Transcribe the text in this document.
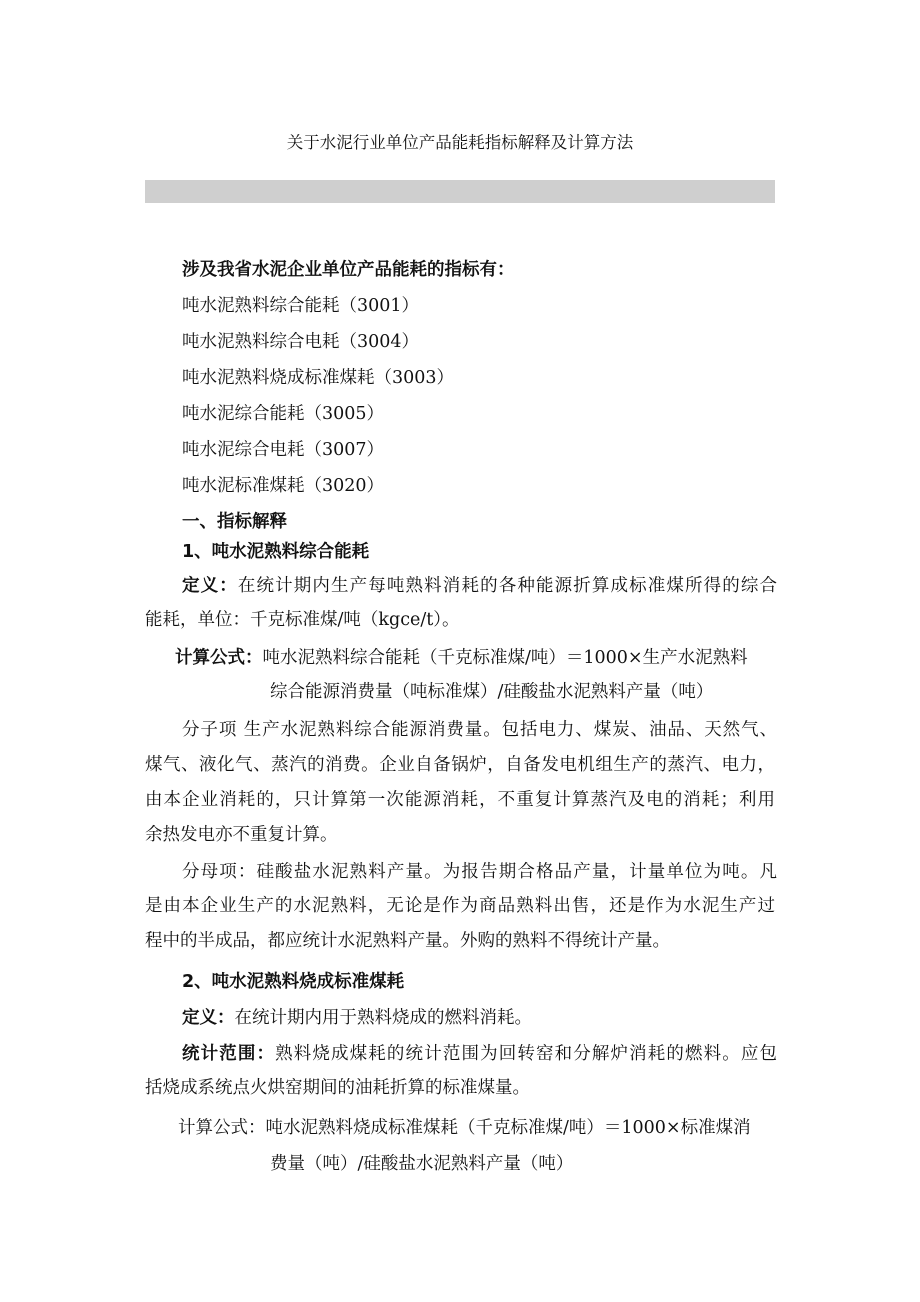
关于水泥行业单位产品能耗指标解释及计算方法
涉及我省水泥企业单位产品能耗的指标有：
吨水泥熟料综合能耗（3001）
吨水泥熟料综合电耗（3004）
吨水泥熟料烧成标准煤耗（3003）
吨水泥综合能耗（3005）
吨水泥综合电耗（3007）
吨水泥标准煤耗（3020）
一、指标解释
1、吨水泥熟料综合能耗
定义：在统计期内生产每吨熟料消耗的各种能源折算成标准煤所得的综合
能耗，单位：千克标准煤/吨（kgce/t）。
计算公式：吨水泥熟料综合能耗（千克标准煤/吨）＝1000×生产水泥熟料
综合能源消费量（吨标准煤）/硅酸盐水泥熟料产量（吨）
分子项 生产水泥熟料综合能源消费量。包括电力、煤炭、油品、天然气、
煤气、液化气、蒸汽的消费。企业自备锅炉，自备发电机组生产的蒸汽、电力，
由本企业消耗的，只计算第一次能源消耗，不重复计算蒸汽及电的消耗；利用
余热发电亦不重复计算。
分母项：硅酸盐水泥熟料产量。为报告期合格品产量，计量单位为吨。凡
是由本企业生产的水泥熟料，无论是作为商品熟料出售，还是作为水泥生产过
程中的半成品，都应统计水泥熟料产量。外购的熟料不得统计产量。
2、吨水泥熟料烧成标准煤耗
定义：在统计期内用于熟料烧成的燃料消耗。
统计范围：熟料烧成煤耗的统计范围为回转窑和分解炉消耗的燃料。应包
括烧成系统点火烘窑期间的油耗折算的标准煤量。
计算公式：吨水泥熟料烧成标准煤耗（千克标准煤/吨）＝1000×标准煤消
费量（吨）/硅酸盐水泥熟料产量（吨）
